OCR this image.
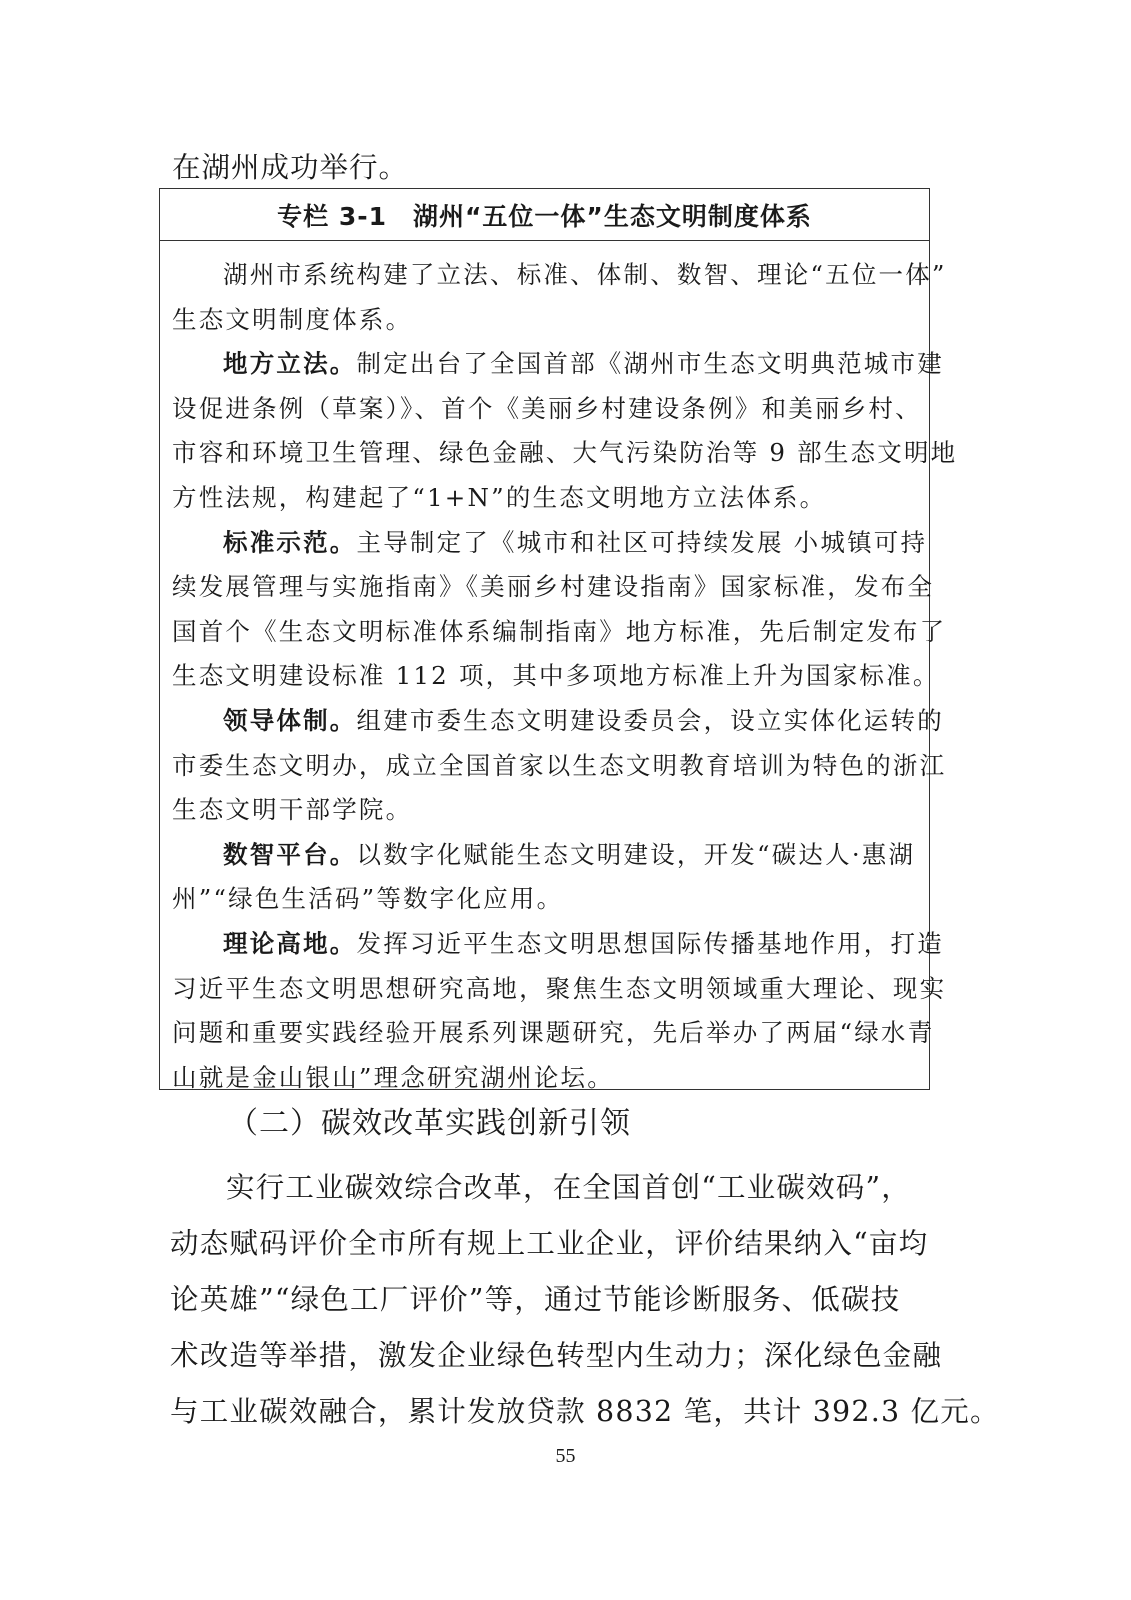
在湖州成功举行。

专栏 3-1　湖州“五位一体”生态文明制度体系
湖州市系统构建了立法、标准、体制、数智、理论“五位一体”
生态文明制度体系。
地方立法。制定出台了全国首部《湖州市生态文明典范城市建
设促进条例（草案）》、首个《美丽乡村建设条例》和美丽乡村、
市容和环境卫生管理、绿色金融、大气污染防治等 9 部生态文明地
方性法规，构建起了“1+N”的生态文明地方立法体系。
标准示范。主导制定了《城市和社区可持续发展 小城镇可持
续发展管理与实施指南》《美丽乡村建设指南》国家标准，发布全
国首个《生态文明标准体系编制指南》地方标准，先后制定发布了
生态文明建设标准 112 项，其中多项地方标准上升为国家标准。
领导体制。组建市委生态文明建设委员会，设立实体化运转的
市委生态文明办，成立全国首家以生态文明教育培训为特色的浙江
生态文明干部学院。
数智平台。以数字化赋能生态文明建设，开发“碳达人·惠湖
州”“绿色生活码”等数字化应用。
理论高地。发挥习近平生态文明思想国际传播基地作用，打造
习近平生态文明思想研究高地，聚焦生态文明领域重大理论、现实
问题和重要实践经验开展系列课题研究，先后举办了两届“绿水青
山就是金山银山”理念研究湖州论坛。
（二）碳效改革实践创新引领
实行工业碳效综合改革，在全国首创“工业碳效码”，
动态赋码评价全市所有规上工业企业，评价结果纳入“亩均
论英雄”“绿色工厂评价”等，通过节能诊断服务、低碳技
术改造等举措，激发企业绿色转型内生动力；深化绿色金融
与工业碳效融合，累计发放贷款 8832 笔，共计 392.3 亿元。
55
